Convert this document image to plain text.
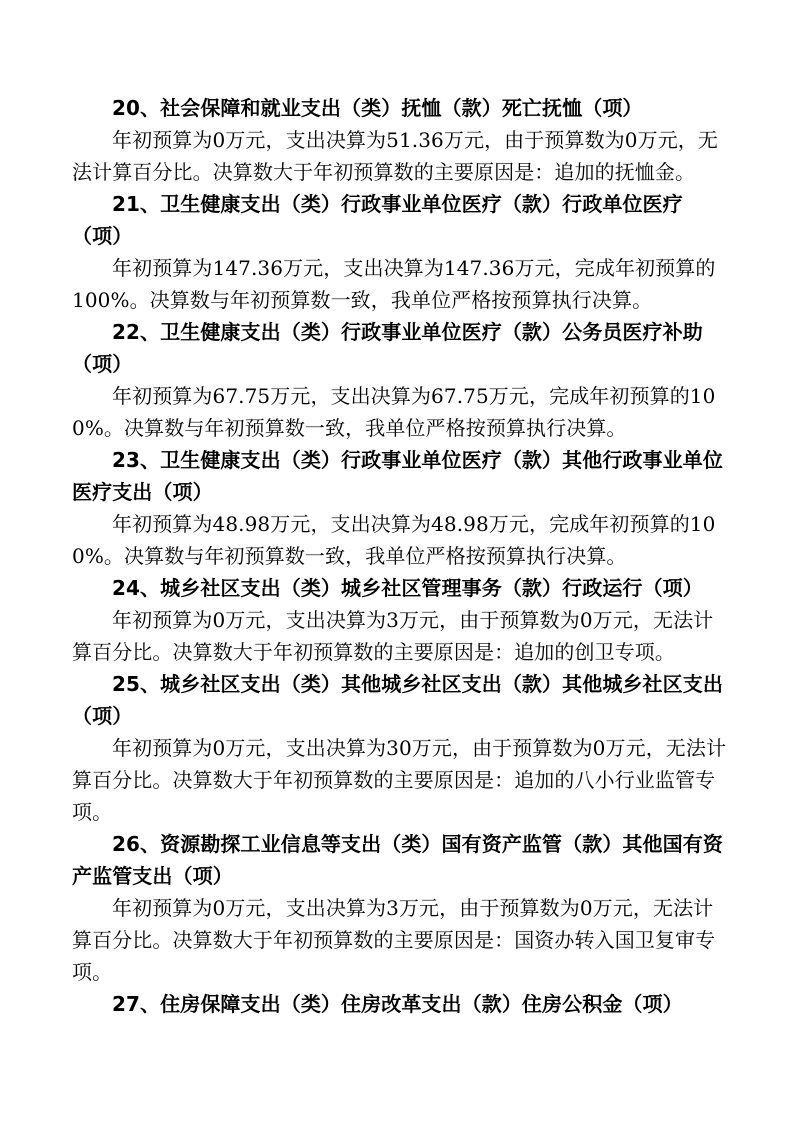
20、社会保障和就业支出（类）抚恤（款）死亡抚恤（项）

年初预算为0万元，支出决算为51.36万元，由于预算数为0万元，无法计算百分比。决算数大于年初预算数的主要原因是：追加的抚恤金。

21、卫生健康支出（类）行政事业单位医疗（款）行政单位医疗（项）

年初预算为147.36万元，支出决算为147.36万元，完成年初预算的100%。决算数与年初预算数一致，我单位严格按预算执行决算。

22、卫生健康支出（类）行政事业单位医疗（款）公务员医疗补助（项）

年初预算为67.75万元，支出决算为67.75万元，完成年初预算的100%。决算数与年初预算数一致，我单位严格按预算执行决算。

23、卫生健康支出（类）行政事业单位医疗（款）其他行政事业单位医疗支出（项）

年初预算为48.98万元，支出决算为48.98万元，完成年初预算的100%。决算数与年初预算数一致，我单位严格按预算执行决算。

24、城乡社区支出（类）城乡社区管理事务（款）行政运行（项）

年初预算为0万元，支出决算为3万元，由于预算数为0万元，无法计算百分比。决算数大于年初预算数的主要原因是：追加的创卫专项。

25、城乡社区支出（类）其他城乡社区支出（款）其他城乡社区支出（项）

年初预算为0万元，支出决算为30万元，由于预算数为0万元，无法计算百分比。决算数大于年初预算数的主要原因是：追加的八小行业监管专项。

26、资源勘探工业信息等支出（类）国有资产监管（款）其他国有资产监管支出（项）

年初预算为0万元，支出决算为3万元，由于预算数为0万元，无法计算百分比。决算数大于年初预算数的主要原因是：国资办转入国卫复审专项。

27、住房保障支出（类）住房改革支出（款）住房公积金（项）
